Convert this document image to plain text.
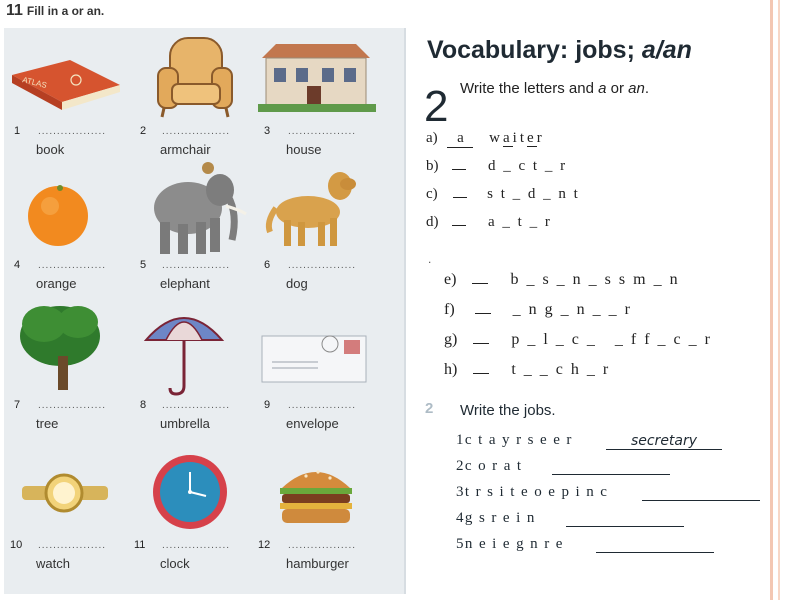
11 Fill in a or an.
ATLAS
1 ..................
book
2 ..................
armchair
3 ..................
house
4 ..................
orange
5 ..................
elephant
6 ..................
dog
7 ..................
tree
8 ..................
umbrella
9 ..................
envelope
10 ..................
watch
11 ..................
clock
12 ..................
hamburger
Vocabulary: jobs; a/an
2 Write the letters and a or an.
a) a waiter
b)	d _ c t _ r
c)	s t _ d _ n t
d)	a _ t _ r
.
e)	b _ s _ n _ s s m _ n
f)	_ n g _ n _ _ r
g)	p _ l _ c _   _ f f _ c _ r
h)	t _ _ c h _ r
2 Write the jobs.
1c t a y r s e e r	secretary
2c o r a t
3t r s i t e o e p i n c
4g s r e i n
5n e i e g n r e
